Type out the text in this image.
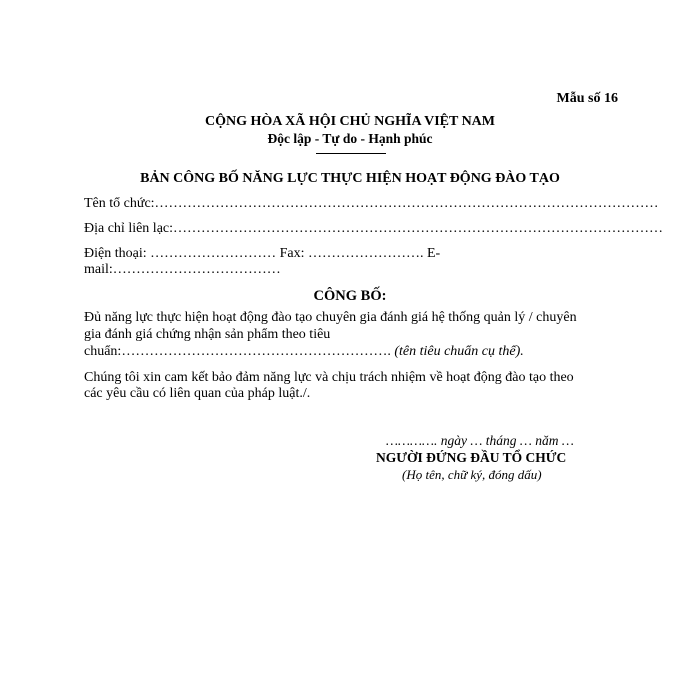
Mẫu số 16
CỘNG HÒA XÃ HỘI CHỦ NGHĨA VIỆT NAM
Độc lập - Tự do - Hạnh phúc
BẢN CÔNG BỐ NĂNG LỰC THỰC HIỆN HOẠT ĐỘNG ĐÀO TẠO
Tên tổ chức:………………………………………………………………………………………………
Địa chỉ liên lạc:……………………………………………………………………………………………
Điện thoại: ……………………… Fax: ……………………. E-
mail:………………………………
CÔNG BỐ:
Đủ năng lực thực hiện hoạt động đào tạo chuyên gia đánh giá hệ thống quản lý / chuyên
gia đánh giá chứng nhận sản phẩm theo tiêu
chuẩn:…………………………………………………. (tên tiêu chuẩn cụ thể).
Chúng tôi xin cam kết bảo đảm năng lực và chịu trách nhiệm về hoạt động đào tạo theo
các yêu cầu có liên quan của pháp luật./.
…………. ngày … tháng … năm …
NGƯỜI ĐỨNG ĐẦU TỔ CHỨC
(Họ tên, chữ ký, đóng dấu)
